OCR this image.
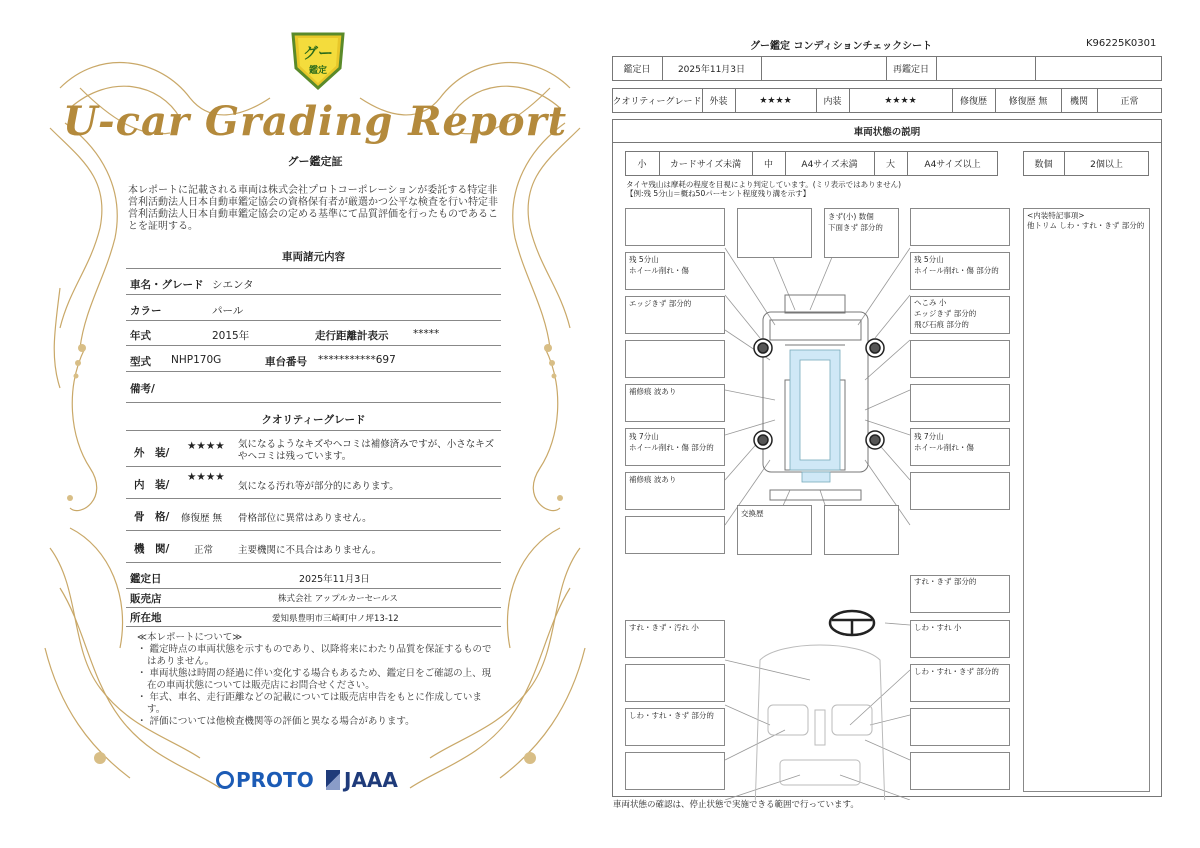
グー
鑑定
U-car Grading Report
グー鑑定証
本レポートに記載される車両は株式会社プロトコーポレーションが委託する特定非営利活動法人日本自動車鑑定協会の資格保有者が厳選かつ公平な検査を行い特定非営利活動法人日本自動車鑑定協会の定める基準にて品質評価を行ったものであることを証明する。
車両諸元内容
車名・グレード シエンタ
カラー	パール
年式	2015年	走行距離計表示 *****
型式 NHP170G	車台番号 ***********697
備考/
クオリティーグレード
外　装/
★★★★ 気になるようなキズやヘコミは補修済みですが、小さなキズやヘコミは残っています。
内　装/
★★★★
気になる汚れ等が部分的にあります。
骨　格/ 修復歴 無 骨格部位に異常はありません。
機　関/	正常	主要機関に不具合はありません。
鑑定日	2025年11月3日
販売店	株式会社 アップルカーセールス
所在地	愛知県豊明市三崎町中ノ坪13-12
≪本レポートについて≫
・ 鑑定時点の車両状態を示すものであり、以降将来にわたり品質を保証するものではありません。
・ 車両状態は時間の経過に伴い変化する場合もあるため、鑑定日をご確認の上、現在の車両状態については販売店にお問合せください。
・ 年式、車名、走行距離などの記載については販売店申告をもとに作成しています。
・ 評価については他検査機関等の評価と異なる場合があります。
PROTO	JAAA
グー鑑定 コンディションチェックシート	K96225K0301
鑑定日	2025年11月3日	再鑑定日
クオリティーグレード 外装	★★★★	内装	★★★★	修復歴	修復歴 無	機関	正常
車両状態の説明
小	カードサイズ未満	中	A4サイズ未満	大	A4サイズ以上	数個	2個以上
タイヤ残山は摩耗の程度を目視により判定しています。(ミリ表示ではありません)
【例:残 5分山＝概ね50パーセント程度残り溝を示す】
<内装特記事項>
他トリム しわ・すれ・きず 部分的
きず(小) 数個
下面きず 部分的
残 5分山
ホイール削れ・傷
残 5分山
ホイール削れ・傷 部分的
エッジきず 部分的	へこみ 小
エッジきず 部分的
飛び石痕 部分的
補修痕 波あり
残 7分山
ホイール削れ・傷 部分的
残 7分山
ホイール削れ・傷
補修痕 波あり
交換歴
すれ・きず 部分的
すれ・きず・汚れ 小	しわ・すれ 小
しわ・すれ・きず 部分的
しわ・すれ・きず 部分的
車両状態の確認は、停止状態で実施できる範囲で行っています。
